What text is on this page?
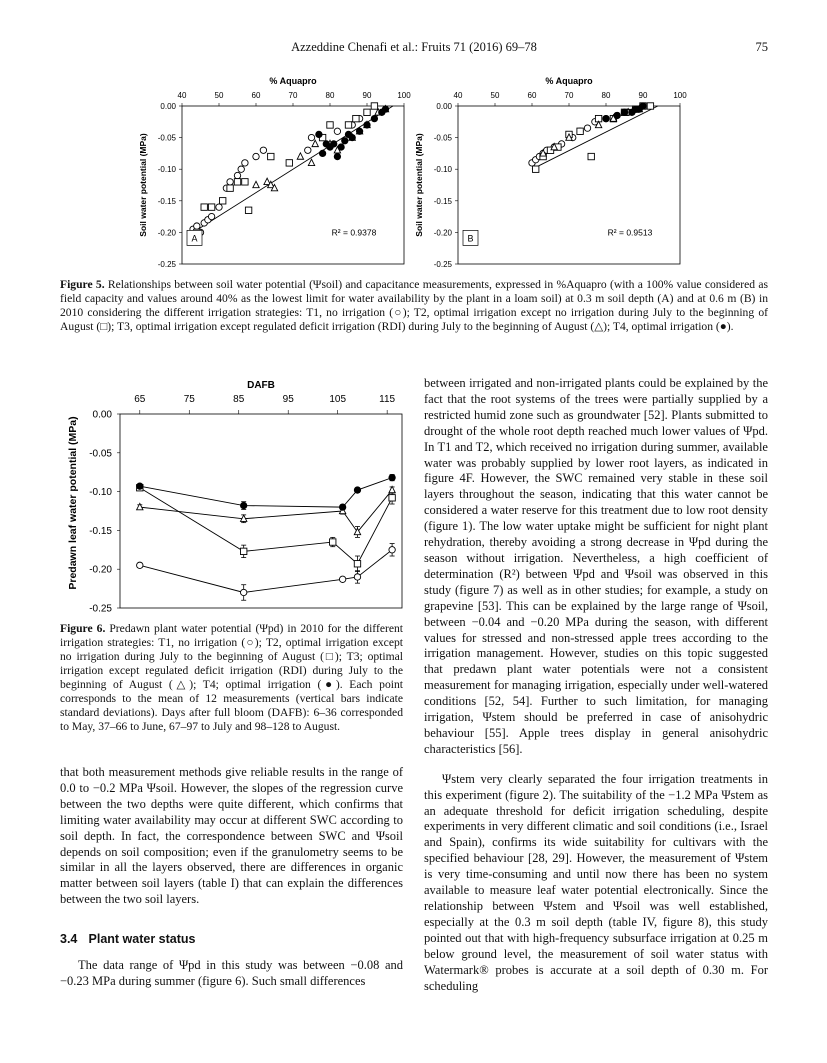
Azzeddine Chenafi et al.: Fruits 71 (2016) 69–78	75
% Aquapro
40	50	60	70	80	90	100
0.00
-0.05
-0.10
-0.15
-0.20
-0.25
Soil water potential (MPa)	R² = 0.9378
A
% Aquapro
40	50	60	70	80	90	100
0.00
-0.05
-0.10
-0.15
-0.20
-0.25
Soil water potential (MPa)	R² = 0.9513
B
Figure 5. Relationships between soil water potential (Ψsoil) and capacitance measurements, expressed in %Aquapro (with a 100% value considered as field capacity and values around 40% as the lowest limit for water availability by the plant in a loam soil) at 0.3 m soil depth (A) and at 0.6 m (B) in 2010 considering the different irrigation strategies: T1, no irrigation (○); T2, optimal irrigation except no irrigation during July to the beginning of August (□); T3, optimal irrigation except regulated deficit irrigation (RDI) during July to the beginning of August (△); T4, optimal irrigation (●).
DAFB
65	75	85	95	105	115
0.00
-0.05
-0.10
-0.15
-0.20
-0.25
Predawn leaf water potential (MPa)
Figure 6. Predawn plant water potential (Ψpd) in 2010 for the different irrigation strategies: T1, no irrigation (○); T2, optimal irrigation except no irrigation during July to the beginning of August (□); T3; optimal irrigation except regulated deficit irrigation (RDI) during July to the beginning of August (△); T4; optimal irrigation (●). Each point corresponds to the mean of 12 measurements (vertical bars indicate standard deviations). Days after full bloom (DAFB): 6–36 corresponded to May, 37–66 to June, 67–97 to July and 98–128 to August.

that both measurement methods give reliable results in the range of 0.0 to −0.2 MPa Ψsoil. However, the slopes of the regression curve between the two depths were quite different, which confirms that limiting water availability may occur at different SWC according to soil depth. In fact, the correspondence between SWC and Ψsoil depends on soil composition; even if the granulometry seems to be similar in all the layers observed, there are differences in organic matter between soil layers (table I) that can explain the differences between the two soil layers.

3.4 Plant water status

The data range of Ψpd in this study was between −0.08 and −0.23 MPa during summer (figure 6). Such small differences

between irrigated and non-irrigated plants could be explained by the fact that the root systems of the trees were partially supplied by a restricted humid zone such as groundwater [52]. Plants submitted to drought of the whole root depth reached much lower values of Ψpd. In T1 and T2, which received no irrigation during summer, available water was probably supplied by lower root layers, as indicated in figure 4F. However, the SWC remained very stable in these soil layers throughout the season, indicating that this water cannot be considered a water reserve for this treatment due to low root density (figure 1). The low water uptake might be sufficient for night plant rehydration, thereby avoiding a strong decrease in Ψpd during the season without irrigation. Nevertheless, a high coefficient of determination (R²) between Ψpd and Ψsoil was observed in this study (figure 7) as well as in other studies; for example, a study on grapevine [53]. This can be explained by the large range of Ψsoil, between −0.04 and −0.20 MPa during the season, with different values for stressed and non-stressed apple trees according to the irrigation management. However, studies on this topic suggested that predawn plant water potentials were not a consistent measurement for managing irrigation, especially under well-watered conditions [52, 54]. Further to such limitation, for managing irrigation, Ψstem should be preferred in case of anisohydric behaviour [55]. Apple trees display in general anisohydric characteristics [56].

Ψstem very clearly separated the four irrigation treatments in this experiment (figure 2). The suitability of the −1.2 MPa Ψstem as an adequate threshold for deficit irrigation scheduling, despite experiments in very different climatic and soil conditions (i.e., Israel and Spain), confirms its wide suitability for cultivars with the specified behaviour [28, 29]. However, the measurement of Ψstem is very time-consuming and until now there has been no system available to measure leaf water potential electronically. Since the relationship between Ψstem and Ψsoil was well established, especially at the 0.3 m soil depth (table IV, figure 8), this study pointed out that with high-frequency subsurface irrigation at 0.25 m below ground level, the measurement of soil water status with Watermark® probes is accurate at a soil depth of 0.30 m. For scheduling
